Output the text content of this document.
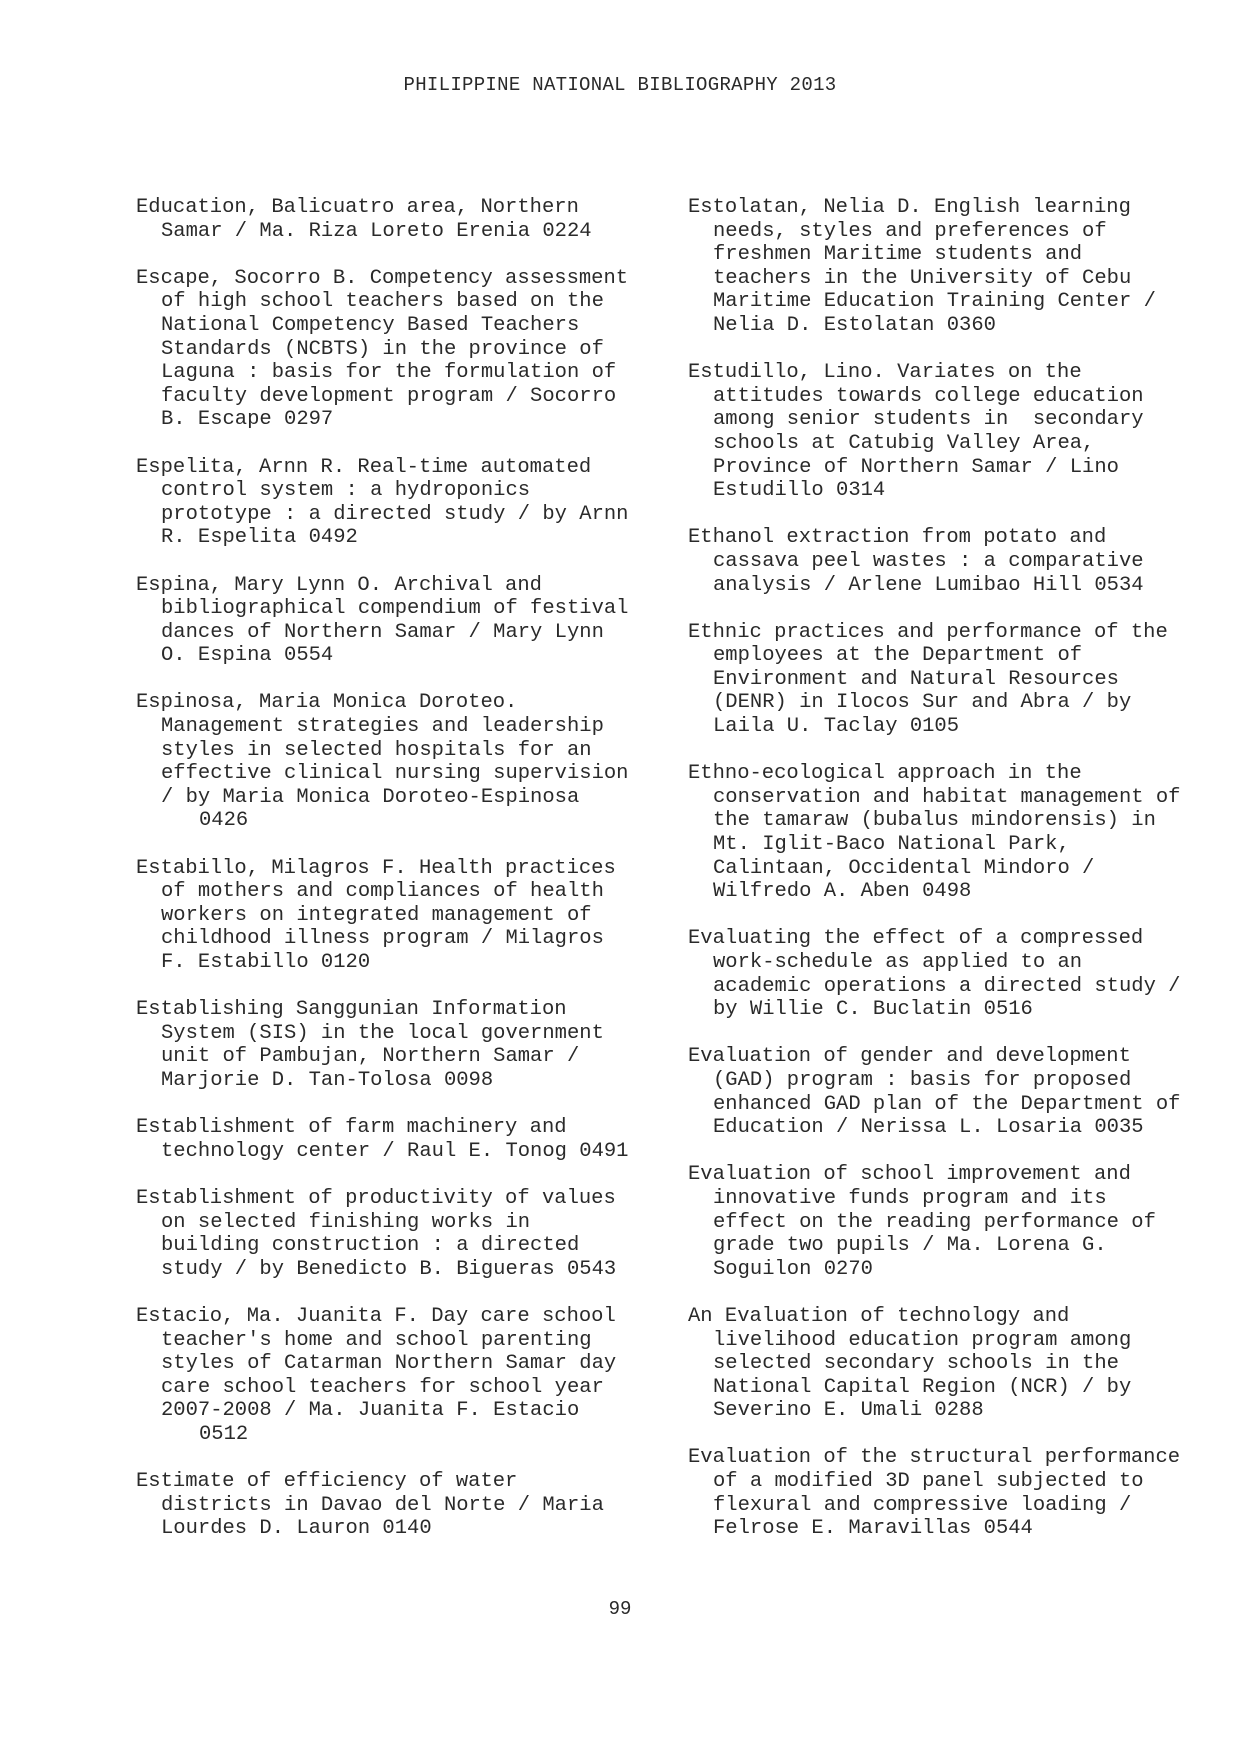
PHILIPPINE NATIONAL BIBLIOGRAPHY 2013
Education, Balicuatro area, Northern
Samar / Ma. Riza Loreto Erenia 0224
Escape, Socorro B. Competency assessment
of high school teachers based on the
National Competency Based Teachers
Standards (NCBTS) in the province of
Laguna : basis for the formulation of
faculty development program / Socorro
B. Escape 0297
Espelita, Arnn R. Real-time automated
control system : a hydroponics
prototype : a directed study / by Arnn
R. Espelita 0492
Espina, Mary Lynn O. Archival and
bibliographical compendium of festival
dances of Northern Samar / Mary Lynn
O. Espina 0554
Espinosa, Maria Monica Doroteo.
Management strategies and leadership
styles in selected hospitals for an
effective clinical nursing supervision
/ by Maria Monica Doroteo-Espinosa
0426
Estabillo, Milagros F. Health practices
of mothers and compliances of health
workers on integrated management of
childhood illness program / Milagros
F. Estabillo 0120
Establishing Sanggunian Information
System (SIS) in the local government
unit of Pambujan, Northern Samar /
Marjorie D. Tan-Tolosa 0098
Establishment of farm machinery and
technology center / Raul E. Tonog 0491
Establishment of productivity of values
on selected finishing works in
building construction : a directed
study / by Benedicto B. Bigueras 0543
Estacio, Ma. Juanita F. Day care school
teacher's home and school parenting
styles of Catarman Northern Samar day
care school teachers for school year
2007-2008 / Ma. Juanita F. Estacio
0512
Estimate of efficiency of water
districts in Davao del Norte / Maria
Lourdes D. Lauron 0140
Estolatan, Nelia D. English learning
needs, styles and preferences of
freshmen Maritime students and
teachers in the University of Cebu
Maritime Education Training Center /
Nelia D. Estolatan 0360
Estudillo, Lino. Variates on the
attitudes towards college education
among senior students in  secondary
schools at Catubig Valley Area,
Province of Northern Samar / Lino
Estudillo 0314
Ethanol extraction from potato and
cassava peel wastes : a comparative
analysis / Arlene Lumibao Hill 0534
Ethnic practices and performance of the
employees at the Department of
Environment and Natural Resources
(DENR) in Ilocos Sur and Abra / by
Laila U. Taclay 0105
Ethno-ecological approach in the
conservation and habitat management of
the tamaraw (bubalus mindorensis) in
Mt. Iglit-Baco National Park,
Calintaan, Occidental Mindoro /
Wilfredo A. Aben 0498
Evaluating the effect of a compressed
work-schedule as applied to an
academic operations a directed study /
by Willie C. Buclatin 0516
Evaluation of gender and development
(GAD) program : basis for proposed
enhanced GAD plan of the Department of
Education / Nerissa L. Losaria 0035
Evaluation of school improvement and
innovative funds program and its
effect on the reading performance of
grade two pupils / Ma. Lorena G.
Soguilon 0270
An Evaluation of technology and
livelihood education program among
selected secondary schools in the
National Capital Region (NCR) / by
Severino E. Umali 0288
Evaluation of the structural performance
of a modified 3D panel subjected to
flexural and compressive loading /
Felrose E. Maravillas 0544
99
